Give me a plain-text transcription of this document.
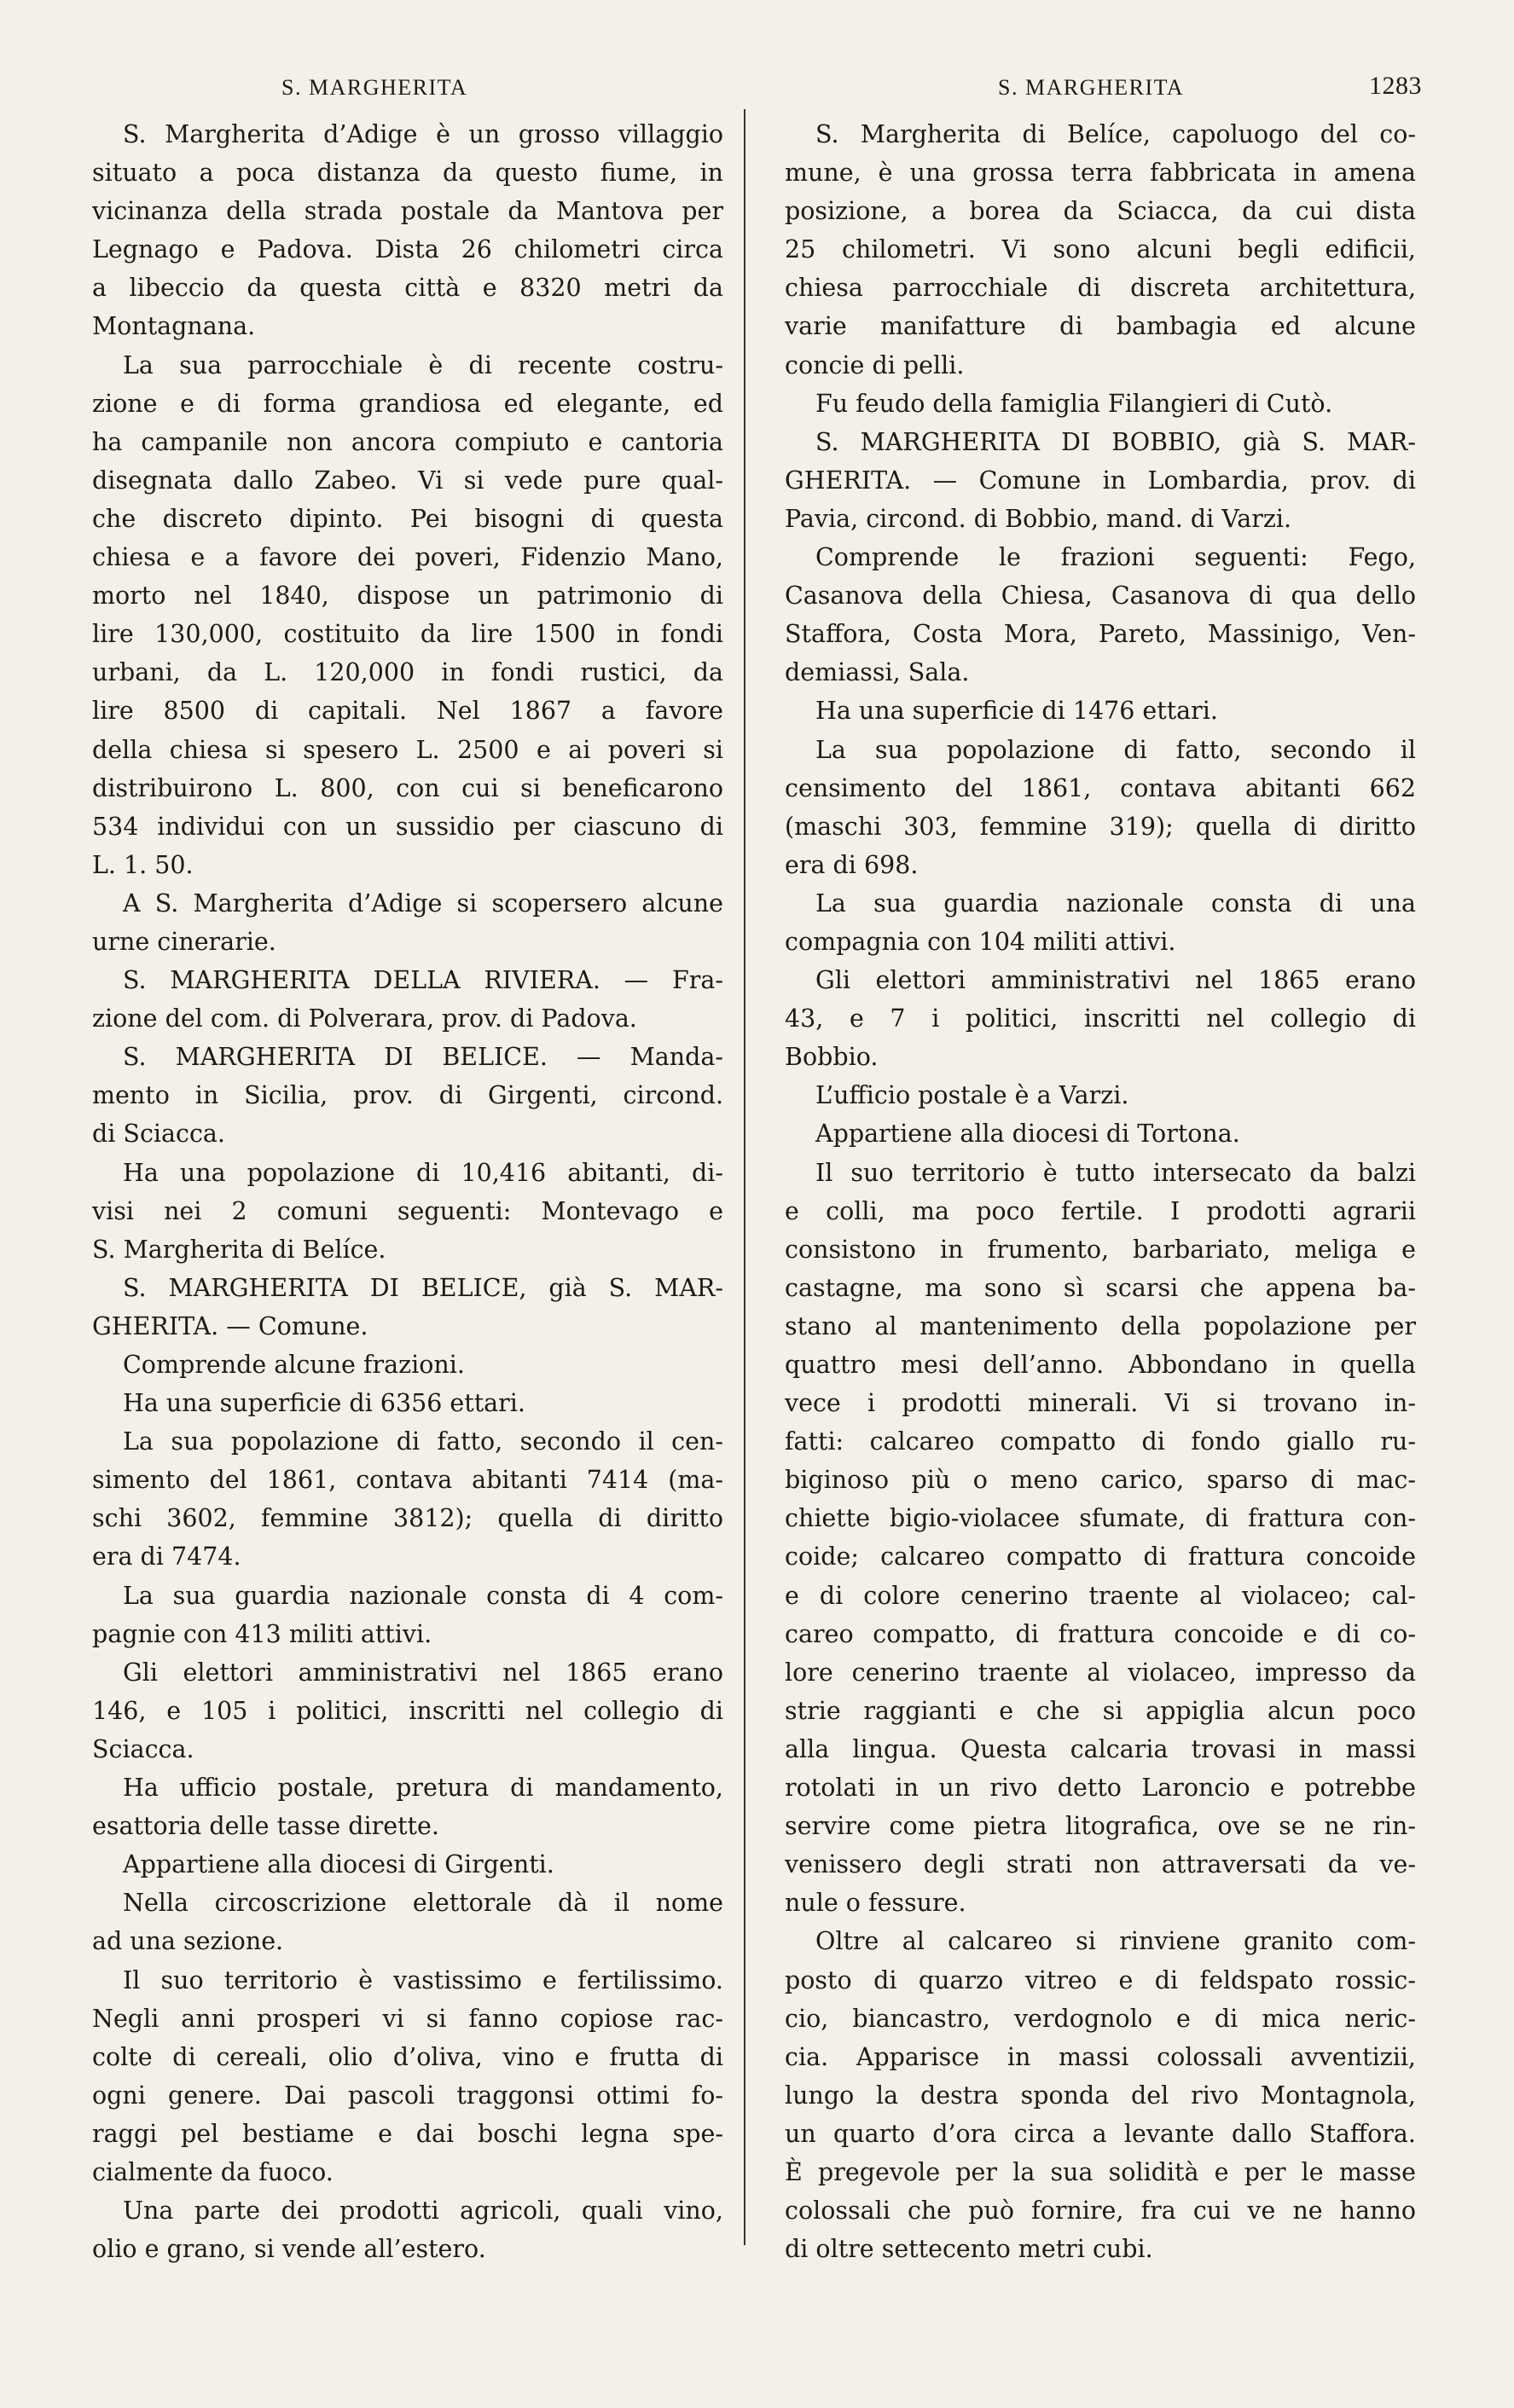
S. MARGHERITA	S. MARGHERITA	1283
S. Margherita d’Adige è un grosso villaggio
situato a poca distanza da questo fiume, in
vicinanza della strada postale da Mantova per
Legnago e Padova. Dista 26 chilometri circa
a libeccio da questa città e 8320 metri da
Montagnana.
La sua parrocchiale è di recente costru-
zione e di forma grandiosa ed elegante, ed
ha campanile non ancora compiuto e cantoria
disegnata dallo Zabeo. Vi si vede pure qual-
che discreto dipinto. Pei bisogni di questa
chiesa e a favore dei poveri, Fidenzio Mano,
morto nel 1840, dispose un patrimonio di
lire 130,000, costituito da lire 1500 in fondi
urbani, da L. 120,000 in fondi rustici, da
lire 8500 di capitali. Nel 1867 a favore
della chiesa si spesero L. 2500 e ai poveri si
distribuirono L. 800, con cui si beneficarono
534 individui con un sussidio per ciascuno di
L. 1. 50.
A S. Margherita d’Adige si scopersero alcune
urne cinerarie.
S. MARGHERITA DELLA RIVIERA. — Fra-
zione del com. di Polverara, prov. di Padova.
S. MARGHERITA DI BELICE. — Manda-
mento in Sicilia, prov. di Girgenti, circond.
di Sciacca.
Ha una popolazione di 10,416 abitanti, di-
visi nei 2 comuni seguenti: Montevago e
S. Margherita di Belíce.
S. MARGHERITA DI BELICE, già S. MAR-
GHERITA. — Comune.
Comprende alcune frazioni.
Ha una superficie di 6356 ettari.
La sua popolazione di fatto, secondo il cen-
simento del 1861, contava abitanti 7414 (ma-
schi 3602, femmine 3812); quella di diritto
era di 7474.
La sua guardia nazionale consta di 4 com-
pagnie con 413 militi attivi.
Gli elettori amministrativi nel 1865 erano
146, e 105 i politici, inscritti nel collegio di
Sciacca.
Ha ufficio postale, pretura di mandamento,
esattoria delle tasse dirette.
Appartiene alla diocesi di Girgenti.
Nella circoscrizione elettorale dà il nome
ad una sezione.
Il suo territorio è vastissimo e fertilissimo.
Negli anni prosperi vi si fanno copiose rac-
colte di cereali, olio d’oliva, vino e frutta di
ogni genere. Dai pascoli traggonsi ottimi fo-
raggi pel bestiame e dai boschi legna spe-
cialmente da fuoco.
Una parte dei prodotti agricoli, quali vino,
olio e grano, si vende all’estero.
S. Margherita di Belíce, capoluogo del co-
mune, è una grossa terra fabbricata in amena
posizione, a borea da Sciacca, da cui dista
25 chilometri. Vi sono alcuni begli edificii,
chiesa parrocchiale di discreta architettura,
varie manifatture di bambagia ed alcune
concie di pelli.
Fu feudo della famiglia Filangieri di Cutò.
S. MARGHERITA DI BOBBIO, già S. MAR-
GHERITA. — Comune in Lombardia, prov. di
Pavia, circond. di Bobbio, mand. di Varzi.
Comprende le frazioni seguenti: Fego,
Casanova della Chiesa, Casanova di qua dello
Staffora, Costa Mora, Pareto, Massinigo, Ven-
demiassi, Sala.
Ha una superficie di 1476 ettari.
La sua popolazione di fatto, secondo il
censimento del 1861, contava abitanti 662
(maschi 303, femmine 319); quella di diritto
era di 698.
La sua guardia nazionale consta di una
compagnia con 104 militi attivi.
Gli elettori amministrativi nel 1865 erano
43, e 7 i politici, inscritti nel collegio di
Bobbio.
L’ufficio postale è a Varzi.
Appartiene alla diocesi di Tortona.
Il suo territorio è tutto intersecato da balzi
e colli, ma poco fertile. I prodotti agrarii
consistono in frumento, barbariato, meliga e
castagne, ma sono sì scarsi che appena ba-
stano al mantenimento della popolazione per
quattro mesi dell’anno. Abbondano in quella
vece i prodotti minerali. Vi si trovano in-
fatti: calcareo compatto di fondo giallo ru-
biginoso più o meno carico, sparso di mac-
chiette bigio-violacee sfumate, di frattura con-
coide; calcareo compatto di frattura concoide
e di colore cenerino traente al violaceo; cal-
careo compatto, di frattura concoide e di co-
lore cenerino traente al violaceo, impresso da
strie raggianti e che si appiglia alcun poco
alla lingua. Questa calcaria trovasi in massi
rotolati in un rivo detto Laroncio e potrebbe
servire come pietra litografica, ove se ne rin-
venissero degli strati non attraversati da ve-
nule o fessure.
Oltre al calcareo si rinviene granito com-
posto di quarzo vitreo e di feldspato rossic-
cio, biancastro, verdognolo e di mica neric-
cia. Apparisce in massi colossali avventizii,
lungo la destra sponda del rivo Montagnola,
un quarto d’ora circa a levante dallo Staffora.
È pregevole per la sua solidità e per le masse
colossali che può fornire, fra cui ve ne hanno
di oltre settecento metri cubi.
